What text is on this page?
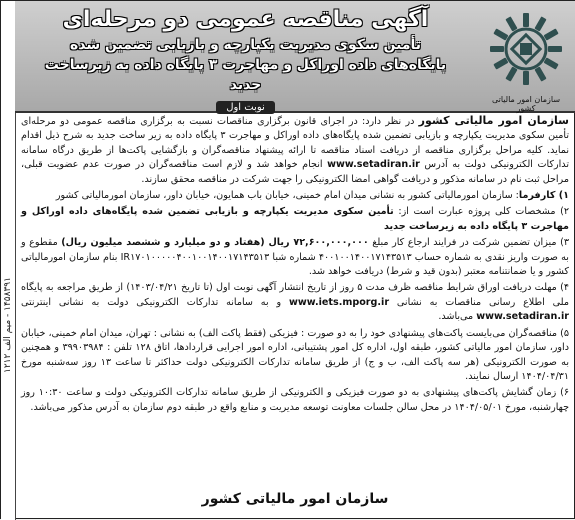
۱۴۵۸۳۹۱ - میم الف ۱۲۱۲
سازمان امور مالیاتی کشور
آگهی مناقصه عمومی دو مرحله‌ای
تأمین سکوی مدیریت یکپارچه و بازیابی تضمین شده
پایگاه‌های داده اوراکل و مهاجرت ۳ پایگاه داده به زیرساخت جدید
نوبت اول

سازمان امور مالیاتی کشور در نظر دارد: در اجرای قانون برگزاری مناقصات نسبت به برگزاری مناقصه عمومی دو مرحله‌ای تأمین سکوی مدیریت یکپارچه و بازیابی تضمین شده پایگاه‌های داده اوراکل و مهاجرت ۳ پایگاه داده به زیر ساخت جدید به شرح ذیل اقدام نماید. کلیه مراحل برگزاری مناقصه از دریافت اسناد مناقصه تا ارائه پیشنهاد مناقصه‌گران و بازگشایی پاکت‌ها از طریق درگاه سامانه تدارکات الکترونیکی دولت به آدرس www.setadiran.ir انجام خواهد شد و لازم است مناقصه‌گران در صورت عدم عضویت قبلی، مراحل ثبت نام در سامانه مذکور و دریافت گواهی امضا الکترونیکی را جهت شرکت در مناقصه محقق سازند.

۱) کارفرما: سازمان امورمالیاتی کشور به نشانی میدان امام خمینی، خیابان باب همایون، خیابان داور، سازمان امورمالیاتی کشور

۲) مشخصات کلی پروژه عبارت است از: تأمین سکوی مدیریت یکپارچه و بازیابی تضمین شده پایگاه‌های داده اوراکل و مهاجرت ۳ پایگاه داده به زیرساخت جدید

۳) میزان تضمین شرکت در فرایند ارجاع کار مبلغ ۷۲,۶۰۰,۰۰۰,۰۰۰ ریال (هفتاد و دو میلیارد و ششصد میلیون ریال) مقطوع و به صورت واریز نقدی به شماره حساب ۴۰۰۱۰۰۱۴۰۰۱۷۱۴۳۵۱۳ شماره شبا IR۱۷۰۱۰۰۰۰۰۴۰۰۱۰۰۱۴۰۰۱۷۱۴۳۵۱۳ بنام سازمان امورمالیاتی کشور و یا ضمانتنامه معتبر (بدون قید و شرط) دریافت خواهد شد.

۴) مهلت دریافت اوراق شرایط مناقصه ظرف مدت ۵ روز از تاریخ انتشار آگهی نوبت اول (تا تاریخ ۱۴۰۳/۰۴/۲۱) از طریق مراجعه به پایگاه ملی اطلاع رسانی مناقصات به نشانی www.iets.mporg.ir و به سامانه تدارکات الکترونیکی دولت به نشانی اینترنتی www.setadiran.ir می‌باشد.

۵) مناقصه‌گران می‌بایست پاکت‌های پیشنهادی خود را به دو صورت : فیزیکی (فقط پاکت الف) به نشانی : تهران، میدان امام خمینی، خیابان داور، سازمان امور مالیاتی کشور، طبقه اول، اداره کل امور پشتیبانی، اداره امور اجرایی قراردادها، اتاق ۱۲۸ تلفن : ۳۹۹۰۳۹۸۴ و همچنین به صورت الکترونیکی (هر سه پاکت الف، ب و ج) از طریق سامانه تدارکات الکترونیکی دولت حداکثر تا ساعت ۱۳ روز سه‌شنبه مورخ ۱۴۰۴/۰۴/۳۱ ارسال نمایند.

۶) زمان گشایش پاکت‌های پیشنهادی به دو صورت فیزیکی و الکترونیکی از طریق سامانه تدارکات الکترونیکی دولت و ساعت ۱۰:۳۰ روز چهارشنبه، مورخ ۱۴۰۴/۰۵/۰۱ در محل سالن جلسات معاونت توسعه مدیریت و منابع واقع در طبقه دوم سازمان به آدرس مذکور می‌باشد.

سازمان امور مالیاتی کشور
